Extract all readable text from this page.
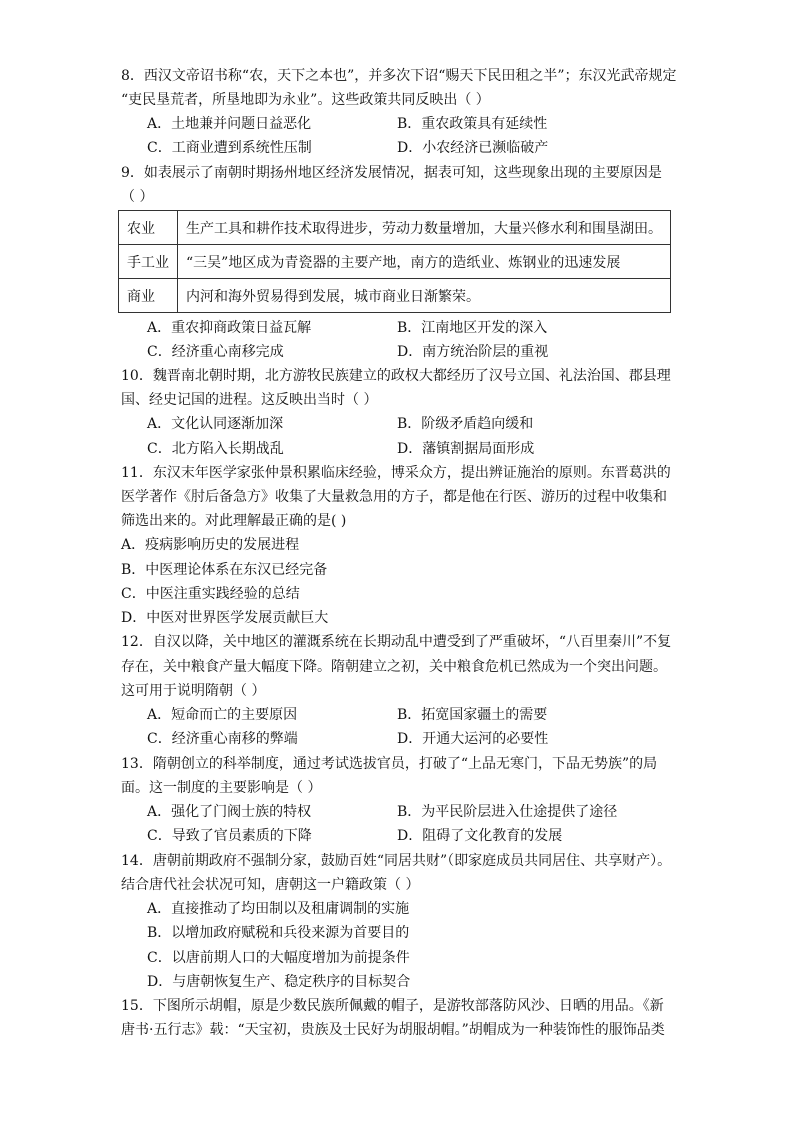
8．西汉文帝诏书称“农，天下之本也”，并多次下诏“赐天下民田租之半”；东汉光武帝规定
“吏民垦荒者，所垦地即为永业”。这些政策共同反映出（ ）
A．土地兼并问题日益恶化	B．重农政策具有延续性
C．工商业遭到系统性压制	D．小农经济已濒临破产
9．如表展示了南朝时期扬州地区经济发展情况，据表可知，这些现象出现的主要原因是
（ ）
农业	生产工具和耕作技术取得进步，劳动力数量增加，大量兴修水利和围垦湖田。
手工业	“三吴”地区成为青瓷器的主要产地，南方的造纸业、炼钢业的迅速发展
商业	内河和海外贸易得到发展，城市商业日渐繁荣。
A．重农抑商政策日益瓦解	B．江南地区开发的深入
C．经济重心南移完成	D．南方统治阶层的重视
10．魏晋南北朝时期，北方游牧民族建立的政权大都经历了汉号立国、礼法治国、郡县理
国、经史记国的进程。这反映出当时（ ）
A．文化认同逐渐加深	B．阶级矛盾趋向缓和
C．北方陷入长期战乱	D．藩镇割据局面形成
11．东汉末年医学家张仲景积累临床经验，博采众方，提出辨证施治的原则。东晋葛洪的
医学著作《肘后备急方》收集了大量救急用的方子，都是他在行医、游历的过程中收集和
筛选出来的。对此理解最正确的是( )
A．疫病影响历史的发展进程
B．中医理论体系在东汉已经完备
C．中医注重实践经验的总结
D．中医对世界医学发展贡献巨大
12．自汉以降，关中地区的灌溉系统在长期动乱中遭受到了严重破坏，“八百里秦川”不复
存在，关中粮食产量大幅度下降。隋朝建立之初，关中粮食危机已然成为一个突出问题。
这可用于说明隋朝（ ）
A．短命而亡的主要原因	B．拓宽国家疆土的需要
C．经济重心南移的弊端	D．开通大运河的必要性
13．隋朝创立的科举制度，通过考试选拔官员，打破了“上品无寒门，下品无势族”的局
面。这一制度的主要影响是（ ）
A．强化了门阀士族的特权	B．为平民阶层进入仕途提供了途径
C．导致了官员素质的下降	D．阻碍了文化教育的发展
14．唐朝前期政府不强制分家，鼓励百姓“同居共财”（即家庭成员共同居住、共享财产）。
结合唐代社会状况可知，唐朝这一户籍政策（ ）
A．直接推动了均田制以及租庸调制的实施
B．以增加政府赋税和兵役来源为首要目的
C．以唐前期人口的大幅度增加为前提条件
D．与唐朝恢复生产、稳定秩序的目标契合
15．下图所示胡帽，原是少数民族所佩戴的帽子，是游牧部落防风沙、日晒的用品。《新
唐书·五行志》载：“天宝初，贵族及士民好为胡服胡帽。”胡帽成为一种装饰性的服饰品类
